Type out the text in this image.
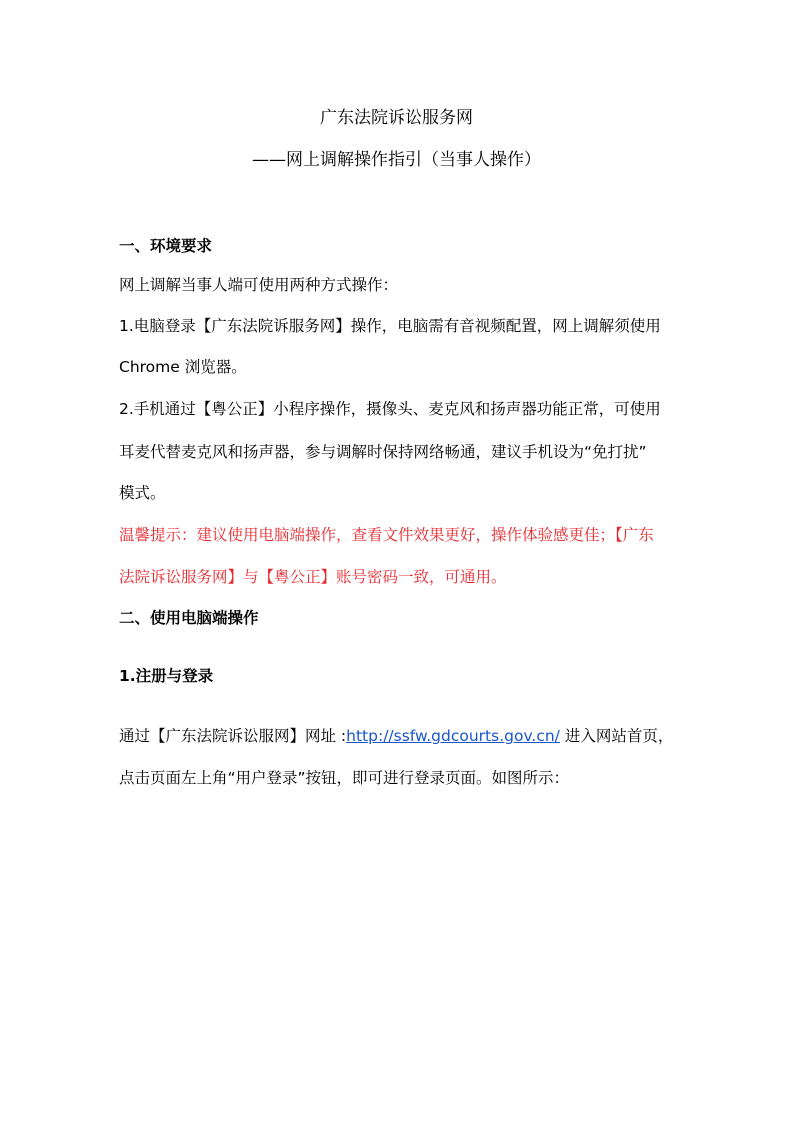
广东法院诉讼服务网
——网上调解操作指引（当事人操作）
一、环境要求
网上调解当事人端可使用两种方式操作：
1.电脑登录【广东法院诉服务网】操作，电脑需有音视频配置，网上调解须使用
Chrome 浏览器。
2.手机通过【粤公正】小程序操作，摄像头、麦克风和扬声器功能正常，可使用
耳麦代替麦克风和扬声器，参与调解时保持网络畅通，建议手机设为“免打扰”
模式。
温馨提示：建议使用电脑端操作，查看文件效果更好，操作体验感更佳；【广东
法院诉讼服务网】与【粤公正】账号密码一致，可通用。
二、使用电脑端操作
1.注册与登录
通过【广东法院诉讼服网】网址 :http://ssfw.gdcourts.gov.cn/ 进入网站首页，
点击页面左上角“用户登录”按钮，即可进行登录页面。如图所示：
